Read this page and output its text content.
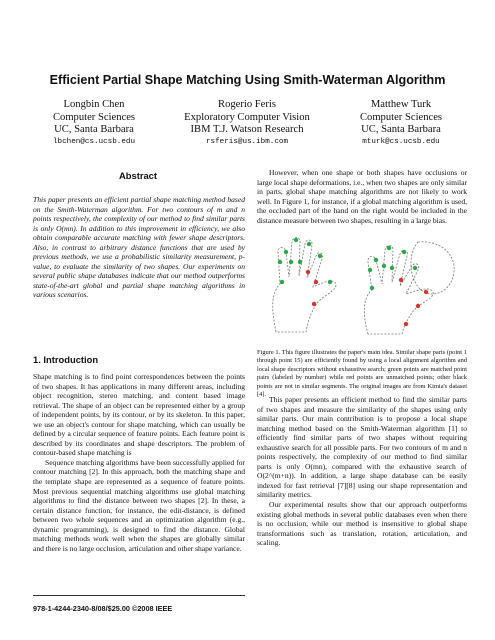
Efficient Partial Shape Matching Using Smith-Waterman Algorithm
Longbin Chen
Computer Sciences
UC, Santa Barbara
lbchen@cs.ucsb.edu
Rogerio Feris
Exploratory Computer Vision
IBM T.J. Watson Research
rsferis@us.ibm.com
Matthew Turk
Computer Sciences
UC, Santa Barbara
mturk@cs.ucsb.edu
Abstract

This paper presents an efficient partial shape matching method based on the Smith-Waterman algorithm. For two contours of m and n points respectively, the complexity of our method to find similar parts is only O(mn). In addition to this improvement in efficiency, we also obtain comparable accurate matching with fewer shape descriptors. Also, in contrast to arbitrary distance functions that are used by previous methods, we use a probabilistic similarity measurement, p-value, to evaluate the similarity of two shapes. Our experiments on several public shape databases indicate that our method outperforms state-of-the-art global and partial shape matching algorithms in various scenarios.

1. Introduction

Shape matching is to find point correspondences between the points of two shapes. It has applications in many different areas, including object recognition, stereo matching, and content based image retrieval. The shape of an object can be represented either by a group of independent points, by its contour, or by its skeleton. In this paper, we use an object's contour for shape matching, which can usually be defined by a circular sequence of feature points. Each feature point is described by its coordinates and shape descriptors. The problem of contour-based shape matching is

Sequence matching algorithms have been successfully applied for contour matching [2]. In this approach, both the matching shape and the template shape are represented as a sequence of feature points. Most previous sequential matching algorithms use global matching algorithms to find the distance between two shapes [2]. In these, a certain distance function, for instance, the edit-distance, is defined between two whole sequences and an optimization algorithm (e.g., dynamic programming), is designed to find the distance. Global matching methods work well when the shapes are globally similar and there is no large occlusion, articulation and other shape variance.

However, when one shape or both shapes have occlusions or large local shape deformations, i.e., when two shapes are only similar in parts, global shape matching algorithms are not likely to work well. In Figure 1, for instance, if a global matching algorithm is used, the occluded part of the hand on the right would be included in the distance measure between two shapes, resulting in a large bias.

Figure 1. This figure illustrates the paper's main idea. Similar shape parts (point 1 through point 15) are efficiently found by using a local alignment algorithm and local shape descriptors without exhaustive search; green points are matched point pairs (labeled by number) while red points are unmatched points; other black points are not in similar segments. The original images are from Kimia's dataset [4].

This paper presents an efficient method to find the similar parts of two shapes and measure the similarity of the shapes using only similar parts. Our main contribution is to propose a local shape matching method based on the Smith-Waterman algorithm [1] to efficiently find similar parts of two shapes without requiring exhaustive search for all possible parts. For two contours of m and n points respectively, the complexity of our method to find similar parts is only O(mn), compared with the exhaustive search of O(2^(m+n)). In addition, a large shape database can be easily indexed for fast retrieval [7][8] using our shape representation and similarity metrics.

Our experimental results show that our approach outperforms existing global methods in several public databases even when there is no occlusion, while our method is insensitive to global shape transformations such as translation, rotation, articulation, and scaling.

978-1-4244-2340-8/08/$25.00 ©2008 IEEE
